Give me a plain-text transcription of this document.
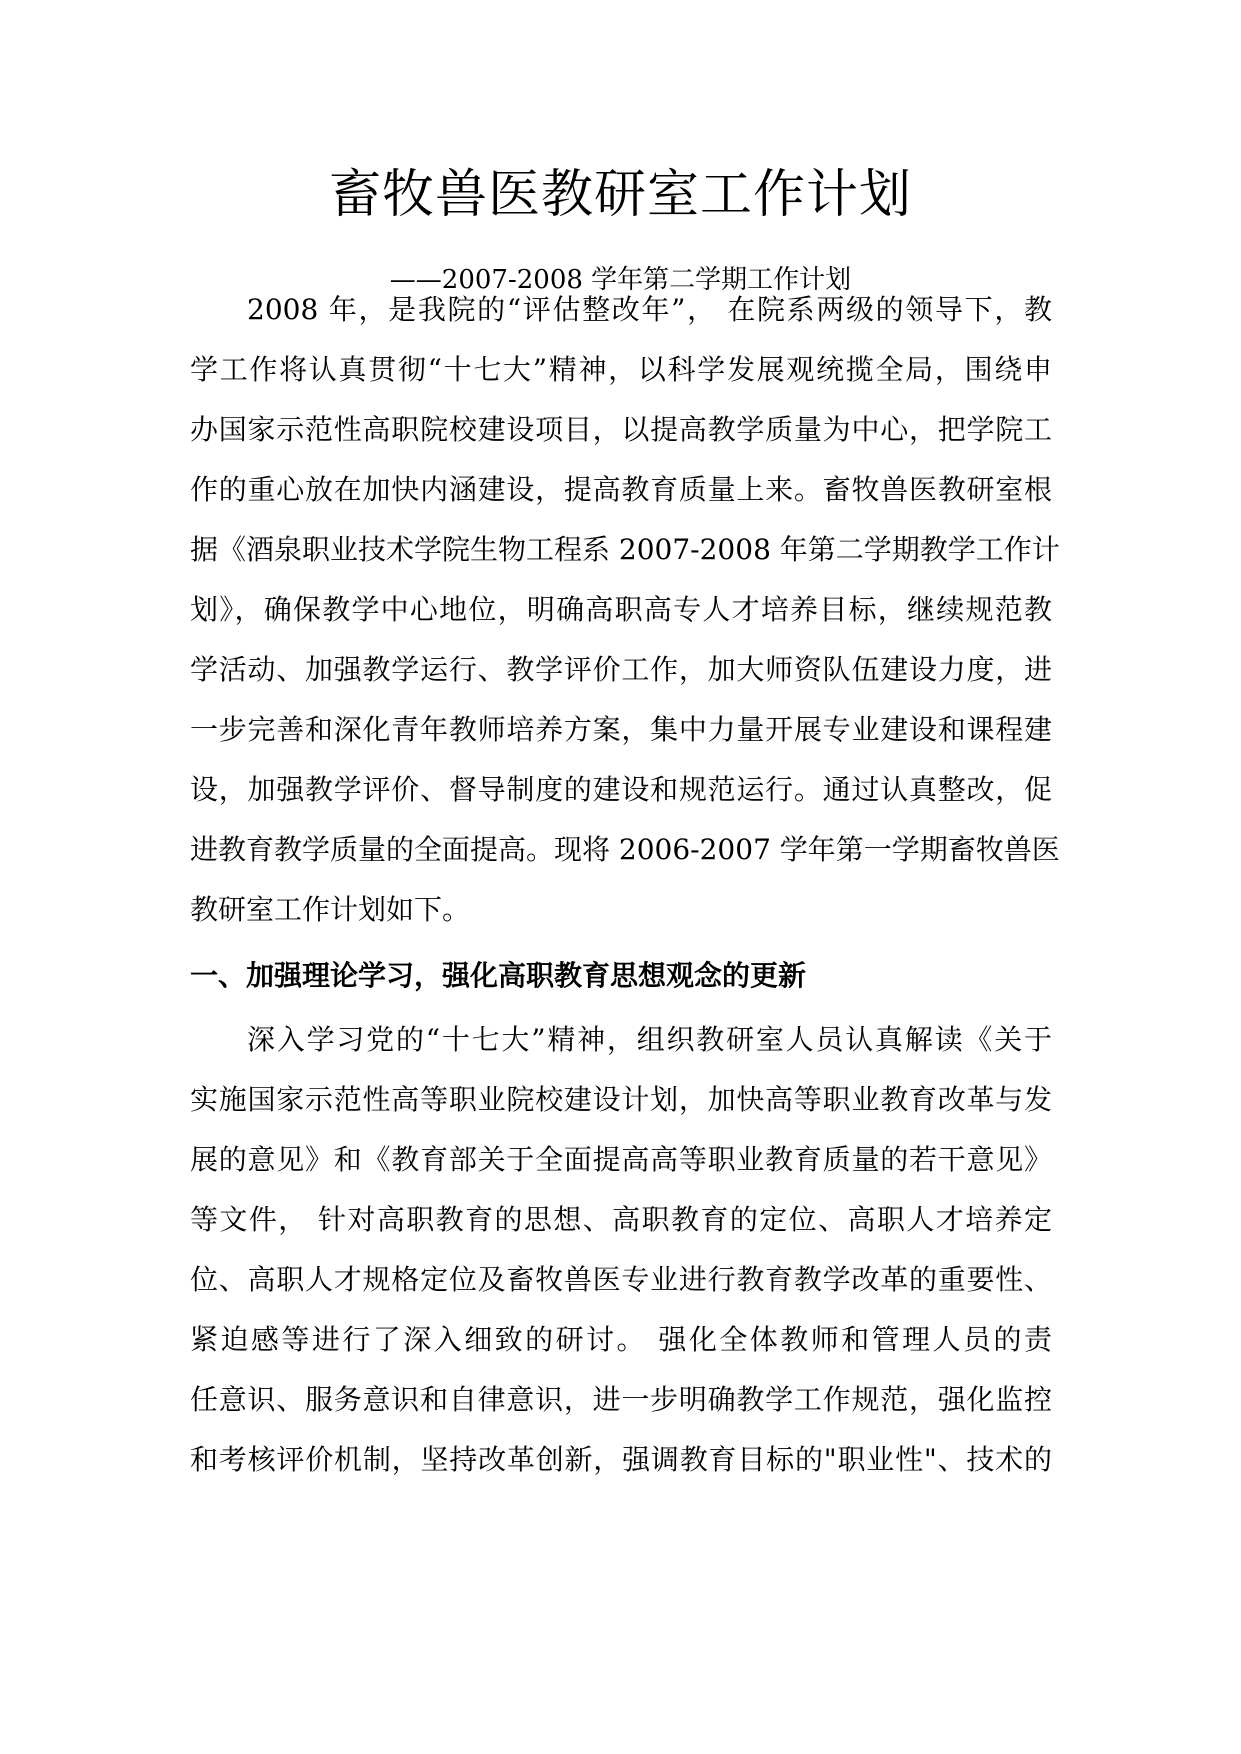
畜牧兽医教研室工作计划
——2007-2008 学年第二学期工作计划
2008 年，是我院的“评估整改年”， 在院系两级的领导下，教
学工作将认真贯彻“十七大”精神，以科学发展观统揽全局，围绕申
办国家示范性高职院校建设项目，以提高教学质量为中心，把学院工
作的重心放在加快内涵建设，提高教育质量上来。畜牧兽医教研室根
据《酒泉职业技术学院生物工程系 2007-2008 年第二学期教学工作计
划》，确保教学中心地位，明确高职高专人才培养目标，继续规范教
学活动、加强教学运行、教学评价工作，加大师资队伍建设力度，进
一步完善和深化青年教师培养方案，集中力量开展专业建设和课程建
设，加强教学评价、督导制度的建设和规范运行。通过认真整改，促
进教育教学质量的全面提高。现将 2006-2007 学年第一学期畜牧兽医
教研室工作计划如下。
一、加强理论学习，强化高职教育思想观念的更新
深入学习党的“十七大”精神，组织教研室人员认真解读《关于
实施国家示范性高等职业院校建设计划，加快高等职业教育改革与发
展的意见》和《教育部关于全面提高高等职业教育质量的若干意见》
等文件， 针对高职教育的思想、高职教育的定位、高职人才培养定
位、高职人才规格定位及畜牧兽医专业进行教育教学改革的重要性、
紧迫感等进行了深入细致的研讨。 强化全体教师和管理人员的责
任意识、服务意识和自律意识，进一步明确教学工作规范，强化监控
和考核评价机制，坚持改革创新，强调教育目标的"职业性"、技术的
